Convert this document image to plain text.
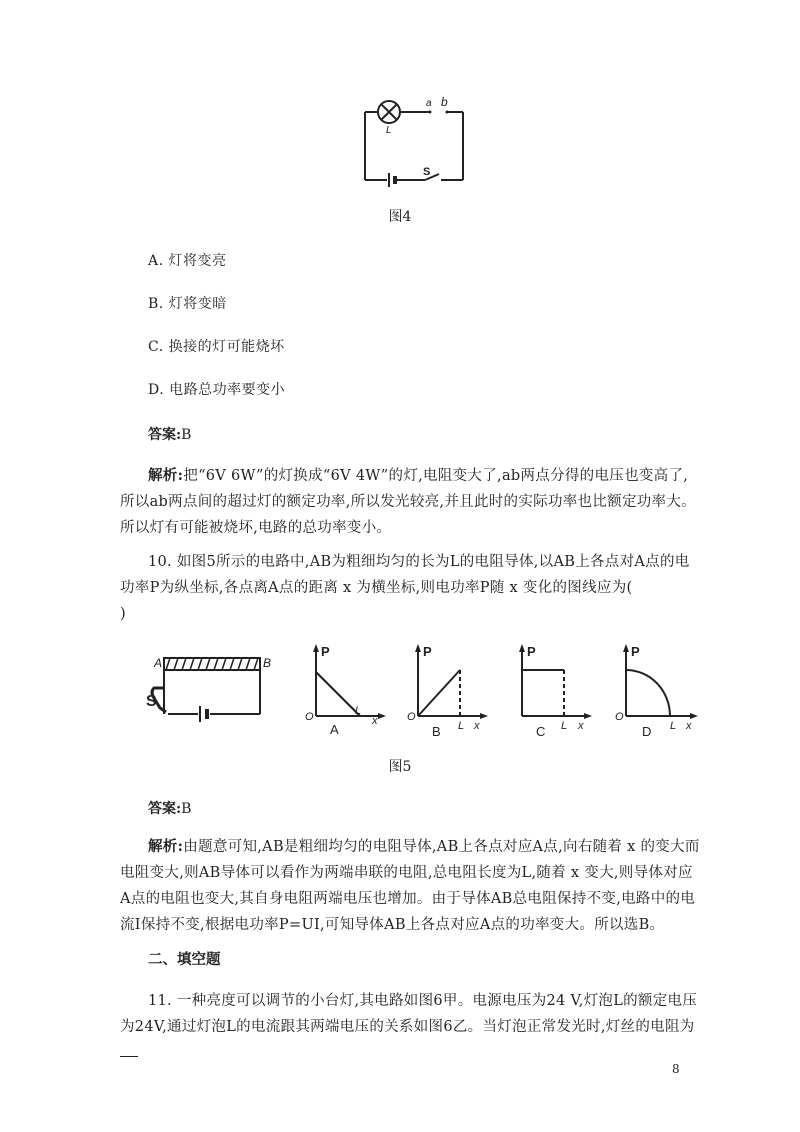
L
a b
S
图4
A. 灯将变亮
B. 灯将变暗
C. 换接的灯可能烧坏
D. 电路总功率要变小
答案:B
解析:把“6V 6W”的灯换成“6V 4W”的灯,电阻变大了,ab两点分得的电压也变高了,
所以ab两点间的超过灯的额定功率,所以发光较亮,并且此时的实际功率也比额定功率大。
所以灯有可能被烧坏,电路的总功率变小。
10. 如图5所示的电路中,AB为粗细均匀的长为L的电阻导体,以AB上各点对A点的电
功率P为纵坐标,各点离A点的距离 x 为横坐标,则电功率P随 x 变化的图线应为(
)
A	B
S
P
O	L
x
A
P
O
L x
B
P
L x
C
P
O
L x
D
图5
答案:B
解析:由题意可知,AB是粗细均匀的电阻导体,AB上各点对应A点,向右随着 x 的变大而
电阻变大,则AB导体可以看作为两端串联的电阻,总电阻长度为L,随着 x 变大,则导体对应
A点的电阻也变大,其自身电阻两端电压也增加。由于导体AB总电阻保持不变,电路中的电
流I保持不变,根据电功率P=UI,可知导体AB上各点对应A点的功率变大。所以选B。
二、填空题
11. 一种亮度可以调节的小台灯,其电路如图6甲。电源电压为24 V,灯泡L的额定电压
为24V,通过灯泡L的电流跟其两端电压的关系如图6乙。当灯泡正常发光时,灯丝的电阻为
8
